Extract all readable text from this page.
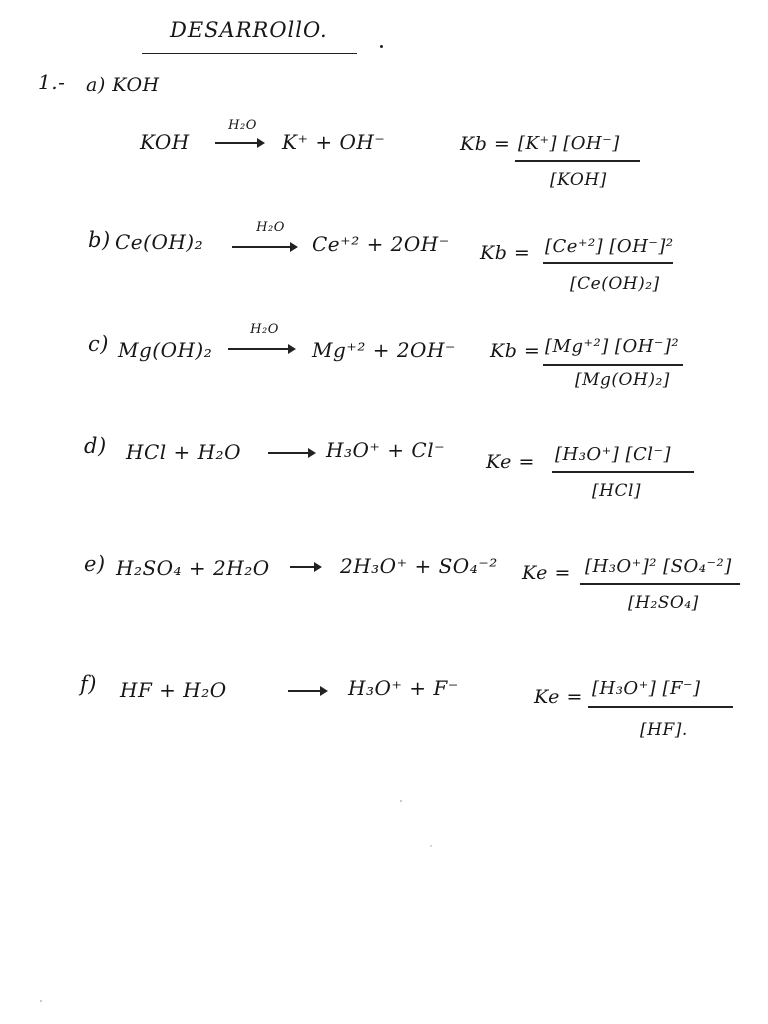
DESARROllO.
1.- a) KOH
KOH
H₂O
→ K⁺ + OH⁻	Kb = [K⁺] [OH⁻]
[KOH]
b) Ce(OH)₂
H₂O
→ Ce⁺² + 2OH⁻ Kb = [Ce⁺²] [OH⁻]²
[Ce(OH)₂]
c) Mg(OH)₂
H₂O
Mg⁺² + 2OH⁻ Kb = [Mg⁺²] [OH⁻]²
[Mg(OH)₂]
d) HCl + H₂O → H₃O⁺ + Cl⁻ Ke = [H₃O⁺] [Cl⁻]
[HCl]
e) H₂SO₄ + 2H₂O → 2H₃O⁺ + SO₄⁻² Ke = [H₃O⁺]² [SO₄⁻²]
[H₂SO₄]
f) HF + H₂O	→ H₃O⁺ + F⁻	Ke = [H₃O⁺] [F⁻]
[HF].
